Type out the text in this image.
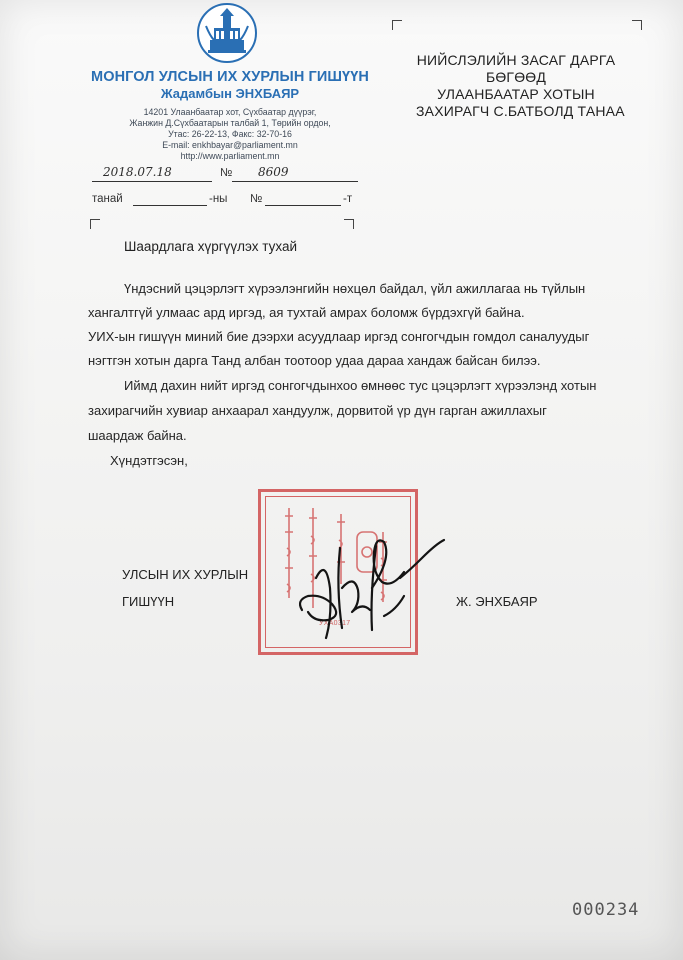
МОНГОЛ УЛСЫН ИХ ХУРЛЫН ГИШҮҮН
Жадамбын ЭНХБАЯР
14201 Улаанбаатар хот, Сүхбаатар дүүрэг,
Жанжин Д.Сүхбаатарын талбай 1, Төрийн ордон,
Утас: 26-22-13, Факс: 32-70-16
E-mail: enkhbayar@parliament.mn
http://www.parliament.mn
НИЙСЛЭЛИЙН ЗАСАГ ДАРГА
БӨГӨӨД
УЛААНБААТАР ХОТЫН
ЗАХИРАГЧ С.БАТБОЛД ТАНАА
2018.07.18	№ 8609
танай	-ны №	-т
Шаардлага хүргүүлэх тухай
Үндэсний цэцэрлэгт хүрээлэнгийн нөхцөл байдал, үйл ажиллагаа нь түйлын
хангалтгүй улмаас ард иргэд, ая тухтай амрах боломж бүрдэхгүй байна.
УИХ-ын гишүүн миний бие дээрхи асуудлаар иргэд сонгогчдын гомдол саналуудыг
нэгтгэн хотын дарга Танд албан тоотоор удаа дараа хандаж байсан билээ.
Иймд дахин нийт иргэд сонгогчдынхоо өмнөөс тус цэцэрлэгт хүрээлэнд хотын
захирагчийн хувиар анхаарал хандуулж, дорвитой үр дүн гарган ажиллахыг
шаардаж байна.
Хүндэтгэсэн,
УХА0317
УЛСЫН ИХ ХУРЛЫН
ГИШҮҮН	Ж. ЭНХБАЯР
000234
